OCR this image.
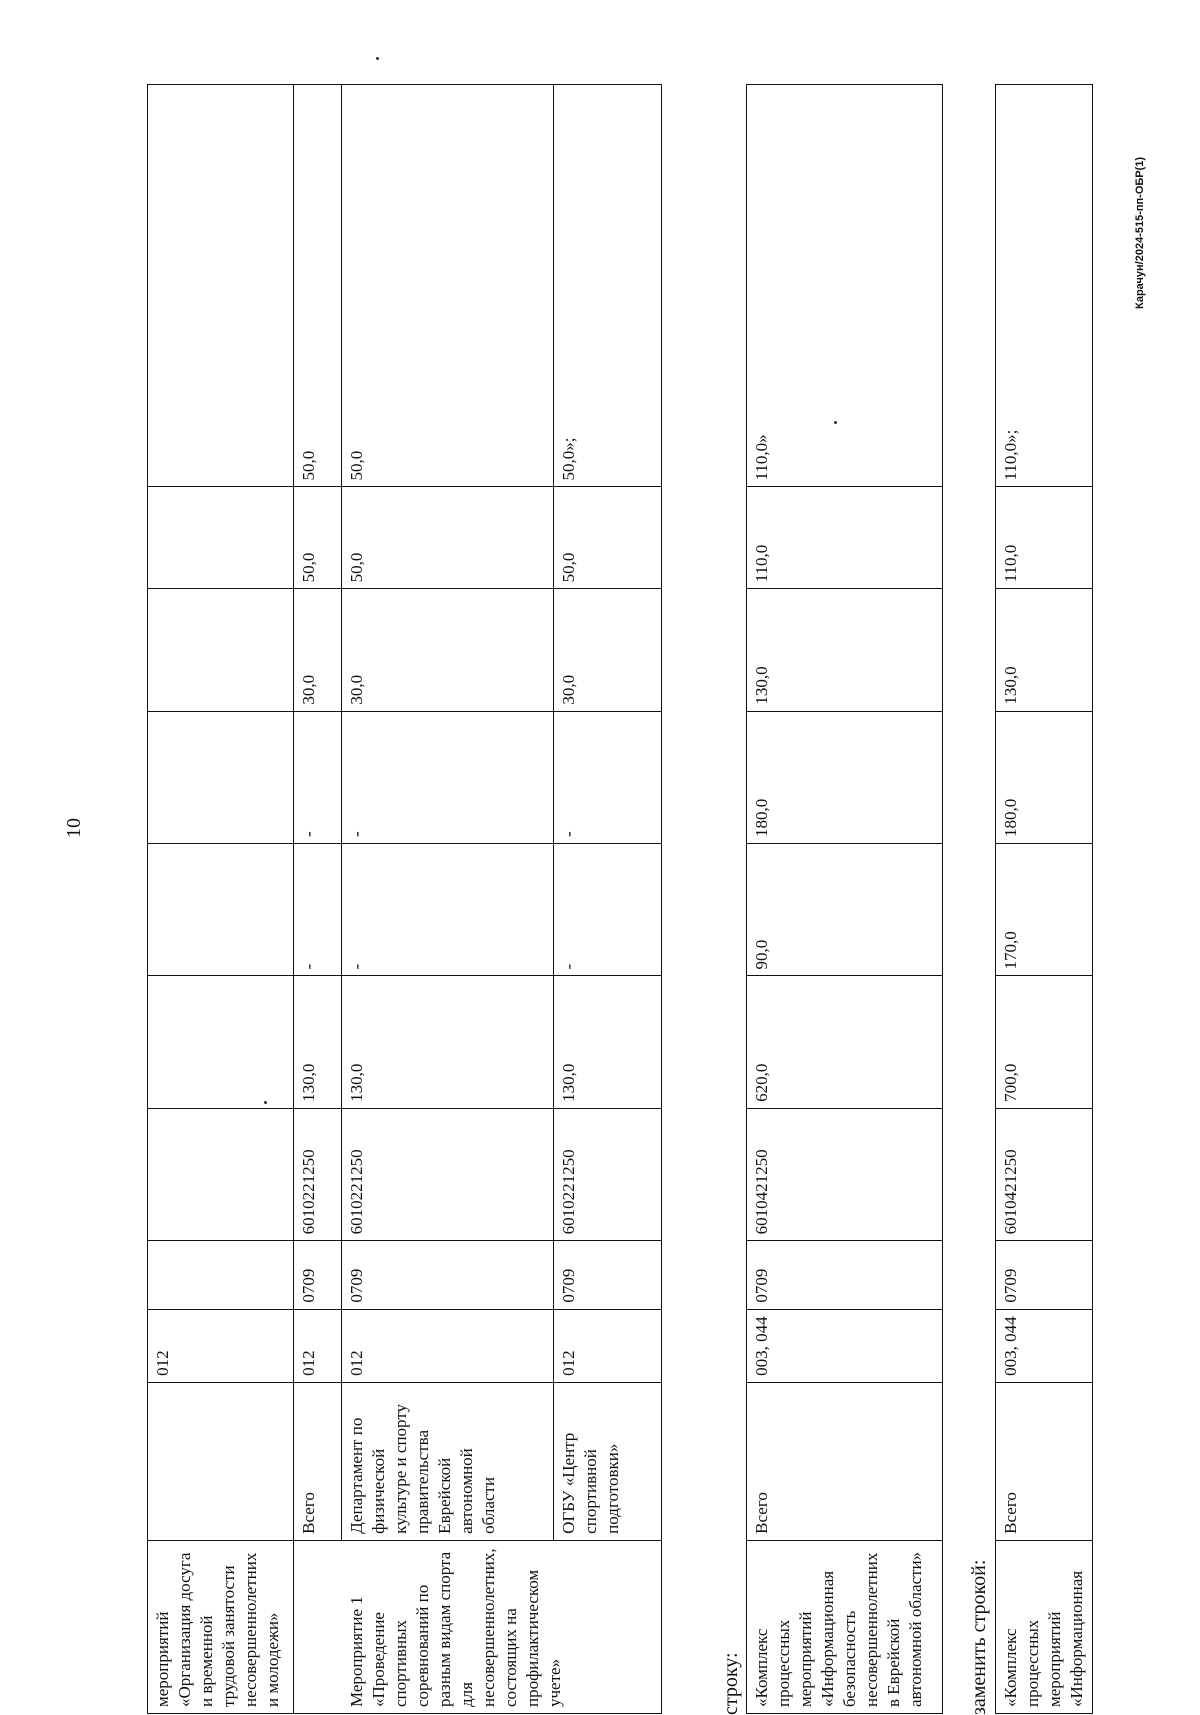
10
Карачун/2024-515-пп-ОБР(1)
мероприятий «Организация досуга и временной трудовой занятости несовершеннолетних и молодежи»		012								
	Всего	012	0709	6010221250	130,0	-	-	30,0	50,0	50,0
Мероприятие 1 «Проведение спортивных соревнований по разным видам спорта для несовершеннолетних, состоящих на профилактическом учете»	Департамент по физической культуре и спорту правительства Еврейской автономной области	012	0709	6010221250	130,0	-	-	30,0	50,0	50,0
	ОГБУ «Центр спортивной подготовки»	012	0709	6010221250	130,0	-	-	30,0	50,0	50,0»;
строку: «Комплекс процессных мероприятий «Информационная безопасность несовершеннолетних в Еврейской автономной области»	Всего	003, 044	0709	6010421250	620,0	90,0	180,0	130,0	110,0	110,0»
заменить строкой: «Комплекс процессных мероприятий «Информационная	Всего	003, 044	0709	6010421250	700,0	170,0	180,0	130,0	110,0	110,0»;
